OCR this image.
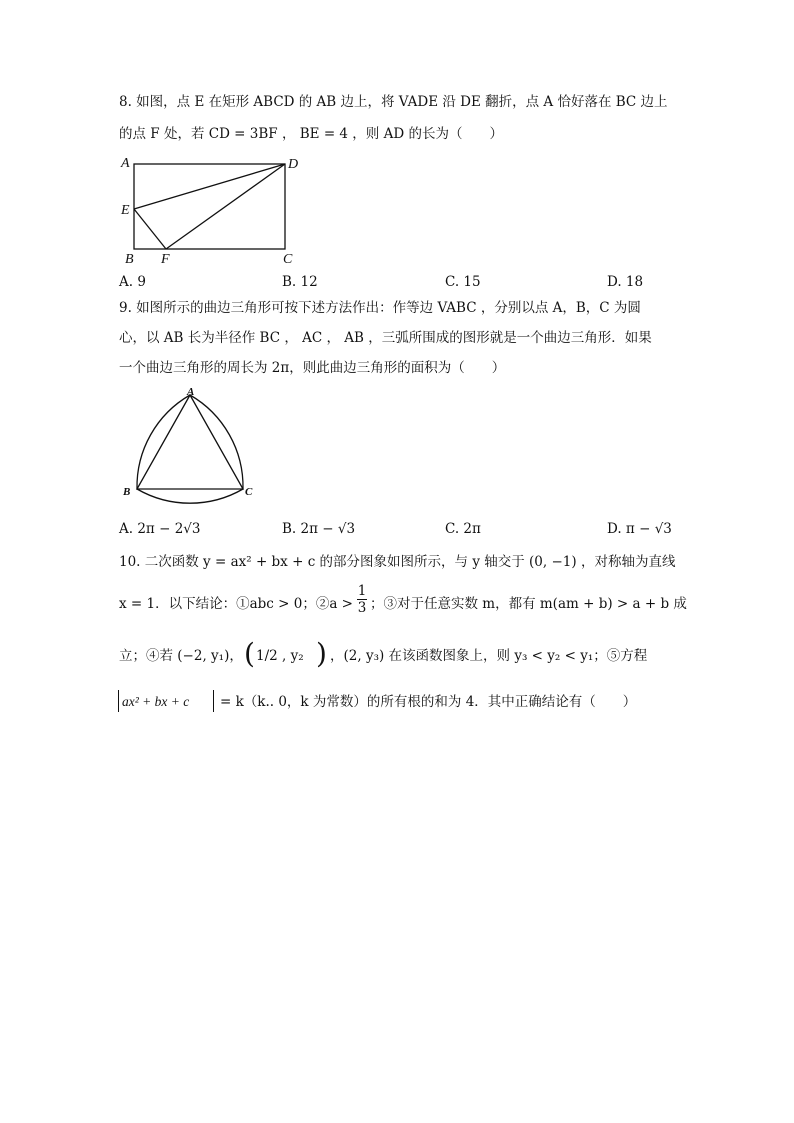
8. 如图，点 E 在矩形 ABCD 的 AB 边上，将 VADE 沿 DE 翻折，点 A 恰好落在 BC 边上
的点 F 处，若 CD = 3BF ， BE = 4 ，则 AD 的长为（　　）
A	D
E
B F	C
A. 9	B. 12	C. 15	D. 18
9. 如图所示的曲边三角形可按下述方法作出：作等边 VABC ，分别以点 A，B，C 为圆
心，以 AB 长为半径作 BC ， AC ， AB ，三弧所围成的图形就是一个曲边三角形．如果
一个曲边三角形的周长为 2π，则此曲边三角形的面积为（　　）
A
B	C
A. 2π − 2√3	B. 2π − √3	C. 2π	D. π − √3
10. 二次函数 y = ax² + bx + c 的部分图象如图所示，与 y 轴交于 (0, −1) ，对称轴为直线
x = 1．以下结论：①abc > 0；②a >
1
3 ；③对于任意实数 m，都有 m(am + b) > a + b 成
立；④若 (−2, y₁)， ( 1/2 , y₂ ) ，(2, y₃) 在该函数图象上，则 y₃ < y₂ < y₁；⑤方程
ax² + bx + c = k（k.. 0，k 为常数）的所有根的和为 4．其中正确结论有（　　）
